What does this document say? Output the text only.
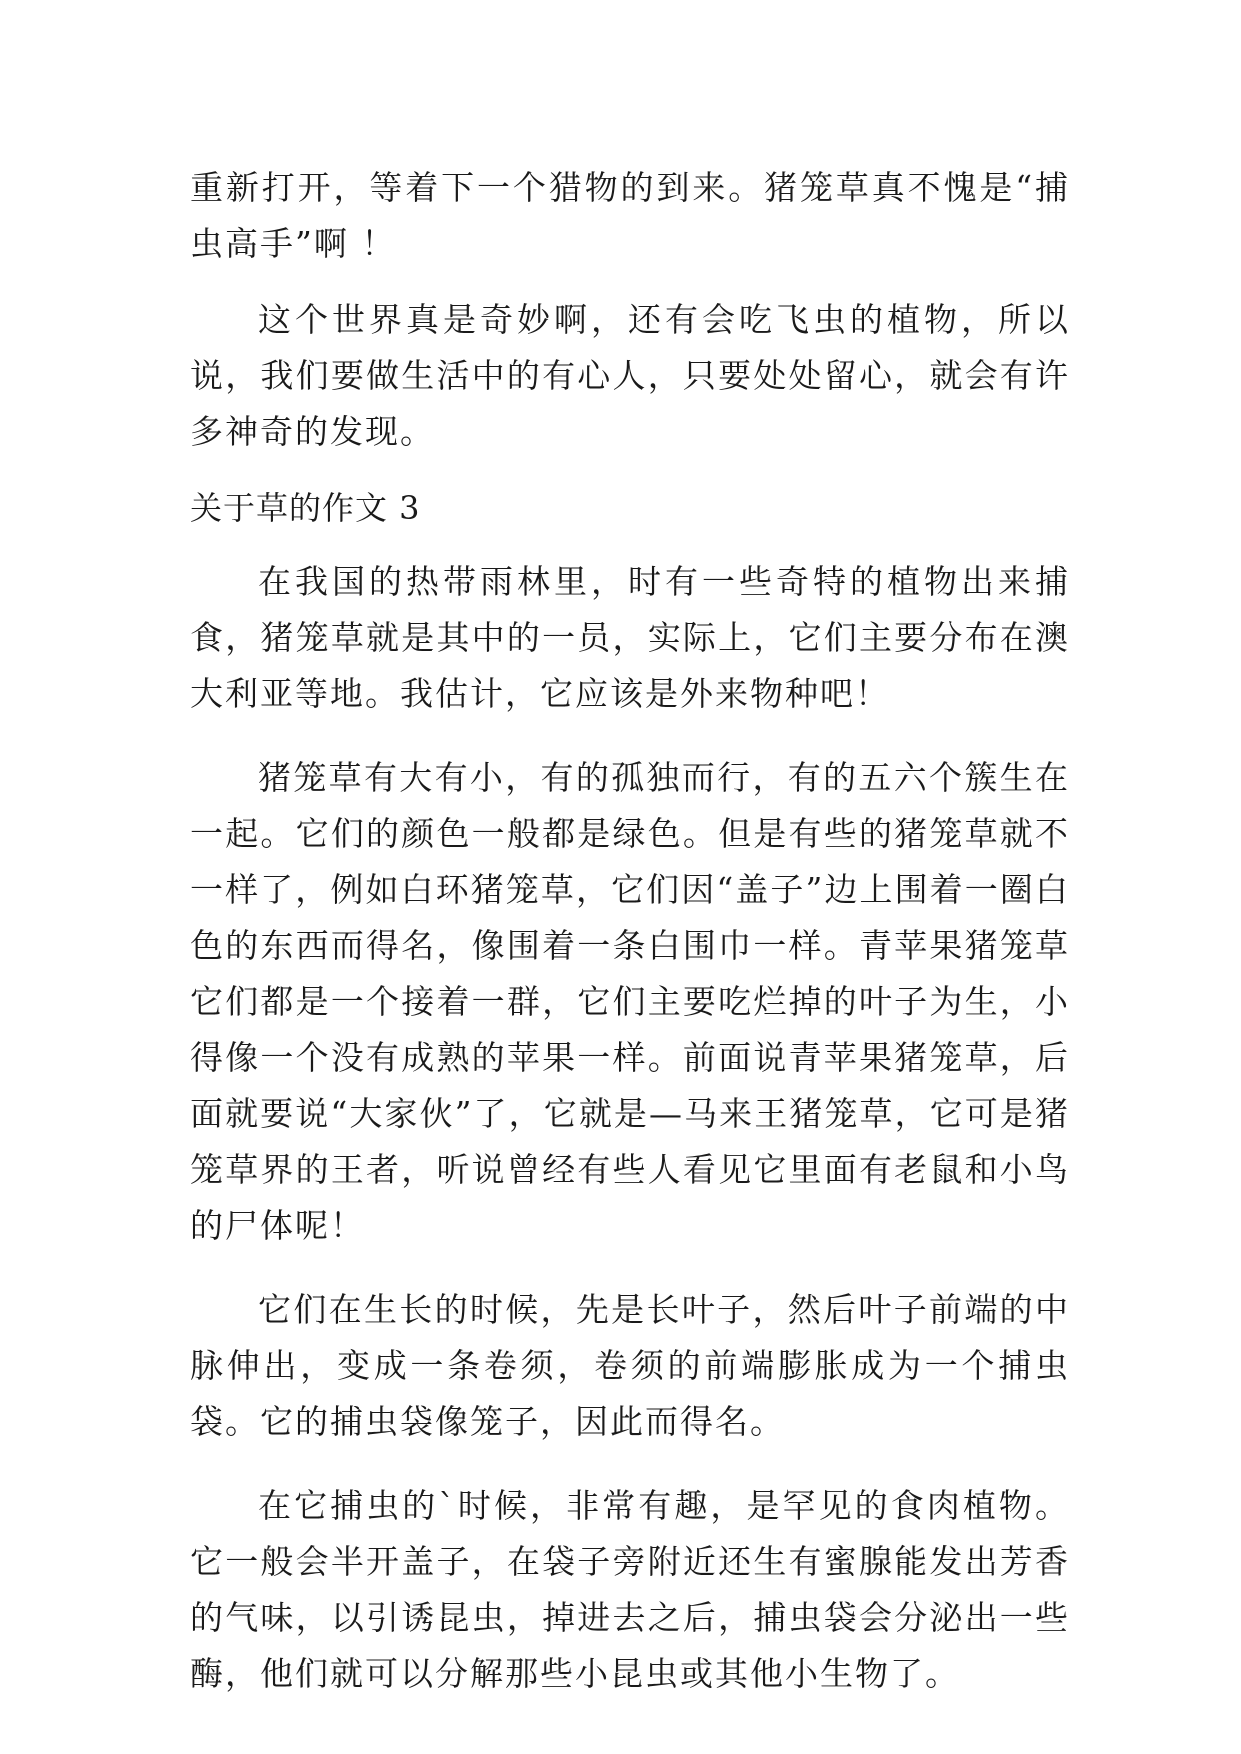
重新打开，等着下一个猎物的到来。猪笼草真不愧是“捕虫高手”啊 ！

这个世界真是奇妙啊，还有会吃飞虫的植物，所以说，我们要做生活中的有心人，只要处处留心，就会有许多神奇的发现。

关于草的作文 3

在我国的热带雨林里，时有一些奇特的植物出来捕食，猪笼草就是其中的一员，实际上，它们主要分布在澳大利亚等地。我估计，它应该是外来物种吧！

猪笼草有大有小，有的孤独而行，有的五六个簇生在一起。它们的颜色一般都是绿色。但是有些的猪笼草就不一样了，例如白环猪笼草，它们因“盖子”边上围着一圈白色的东西而得名，像围着一条白围巾一样。青苹果猪笼草它们都是一个接着一群，它们主要吃烂掉的叶子为生，小得像一个没有成熟的苹果一样。前面说青苹果猪笼草，后面就要说“大家伙”了，它就是—马来王猪笼草，它可是猪笼草界的王者，听说曾经有些人看见它里面有老鼠和小鸟的尸体呢！

它们在生长的时候，先是长叶子，然后叶子前端的中脉伸出，变成一条卷须，卷须的前端膨胀成为一个捕虫袋。它的捕虫袋像笼子，因此而得名。

在它捕虫的`时候，非常有趣，是罕见的食肉植物。它一般会半开盖子，在袋子旁附近还生有蜜腺能发出芳香的气味，以引诱昆虫，掉进去之后，捕虫袋会分泌出一些酶，他们就可以分解那些小昆虫或其他小生物了。
